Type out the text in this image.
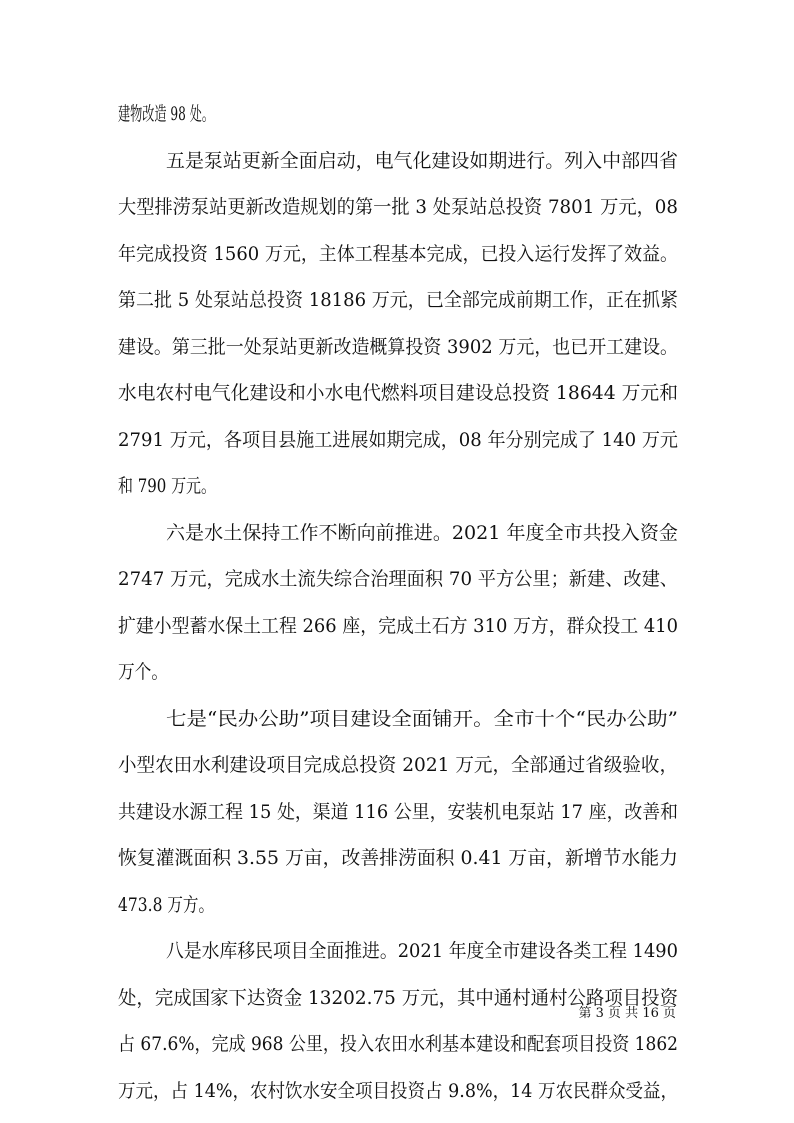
建物改造 98 处。
五是泵站更新全面启动，电气化建设如期进行。列入中部四省
大型排涝泵站更新改造规划的第一批 3 处泵站总投资 7801 万元，08
年完成投资 1560 万元，主体工程基本完成，已投入运行发挥了效益。
第二批 5 处泵站总投资 18186 万元，已全部完成前期工作，正在抓紧
建设。第三批一处泵站更新改造概算投资 3902 万元，也已开工建设。
水电农村电气化建设和小水电代燃料项目建设总投资 18644 万元和
2791 万元，各项目县施工进展如期完成，08 年分别完成了 140 万元
和 790 万元。
六是水土保持工作不断向前推进。2021 年度全市共投入资金
2747 万元，完成水土流失综合治理面积 70 平方公里；新建、改建、
扩建小型蓄水保土工程 266 座，完成土石方 310 万方，群众投工 410
万个。
七是“民办公助”项目建设全面铺开。全市十个“民办公助”
小型农田水利建设项目完成总投资 2021 万元，全部通过省级验收，
共建设水源工程 15 处，渠道 116 公里，安装机电泵站 17 座，改善和
恢复灌溉面积 3.55 万亩，改善排涝面积 0.41 万亩，新增节水能力
473.8 万方。
八是水库移民项目全面推进。2021 年度全市建设各类工程 1490
处，完成国家下达资金 13202.75 万元，其中通村通村公路项目投资
占 67.6%，完成 968 公里，投入农田水利基本建设和配套项目投资 1862
万元，占 14%，农村饮水安全项目投资占 9.8%，14 万农民群众受益，
第 3 页 共 16 页
